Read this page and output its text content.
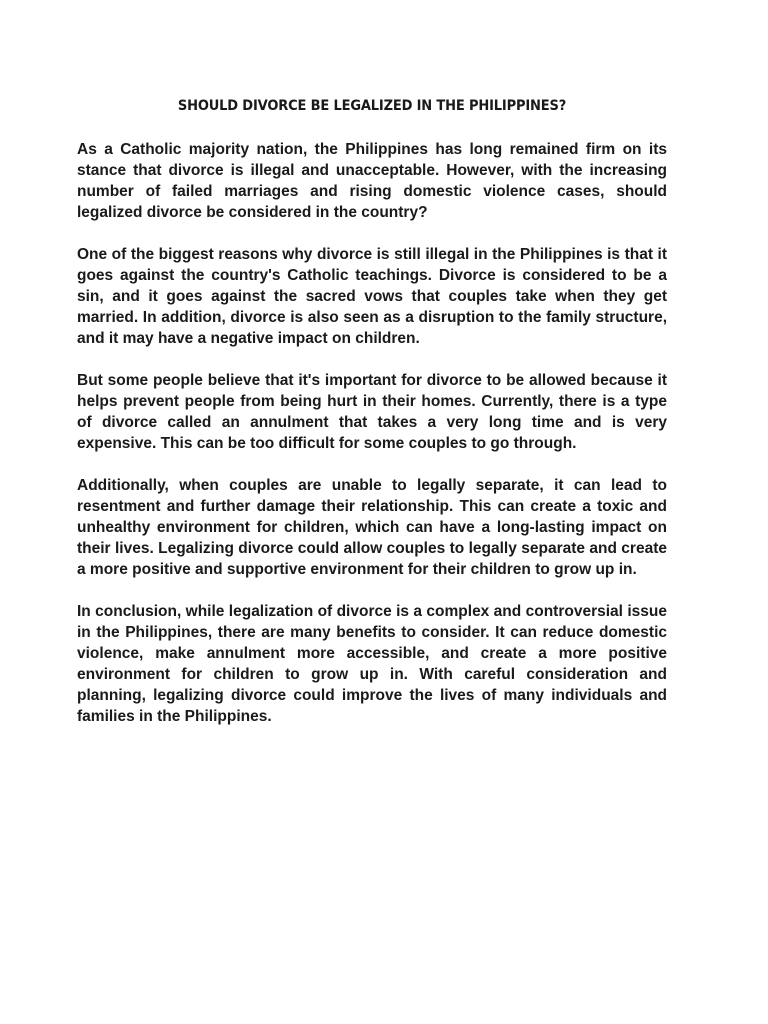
SHOULD DIVORCE BE LEGALIZED IN THE PHILIPPINES?

As a Catholic majority nation, the Philippines has long remained firm on its stance that divorce is illegal and unacceptable. However, with the increasing number of failed marriages and rising domestic violence cases, should legalized divorce be considered in the country?

One of the biggest reasons why divorce is still illegal in the Philippines is that it goes against the country's Catholic teachings. Divorce is considered to be a sin, and it goes against the sacred vows that couples take when they get married. In addition, divorce is also seen as a disruption to the family structure, and it may have a negative impact on children.

But some people believe that it's important for divorce to be allowed because it helps prevent people from being hurt in their homes. Currently, there is a type of divorce called an annulment that takes a very long time and is very expensive. This can be too difficult for some couples to go through.

Additionally, when couples are unable to legally separate, it can lead to resentment and further damage their relationship. This can create a toxic and unhealthy environment for children, which can have a long-lasting impact on their lives. Legalizing divorce could allow couples to legally separate and create a more positive and supportive environment for their children to grow up in.

In conclusion, while legalization of divorce is a complex and controversial issue in the Philippines, there are many benefits to consider. It can reduce domestic violence, make annulment more accessible, and create a more positive environment for children to grow up in. With careful consideration and planning, legalizing divorce could improve the lives of many individuals and families in the Philippines.
